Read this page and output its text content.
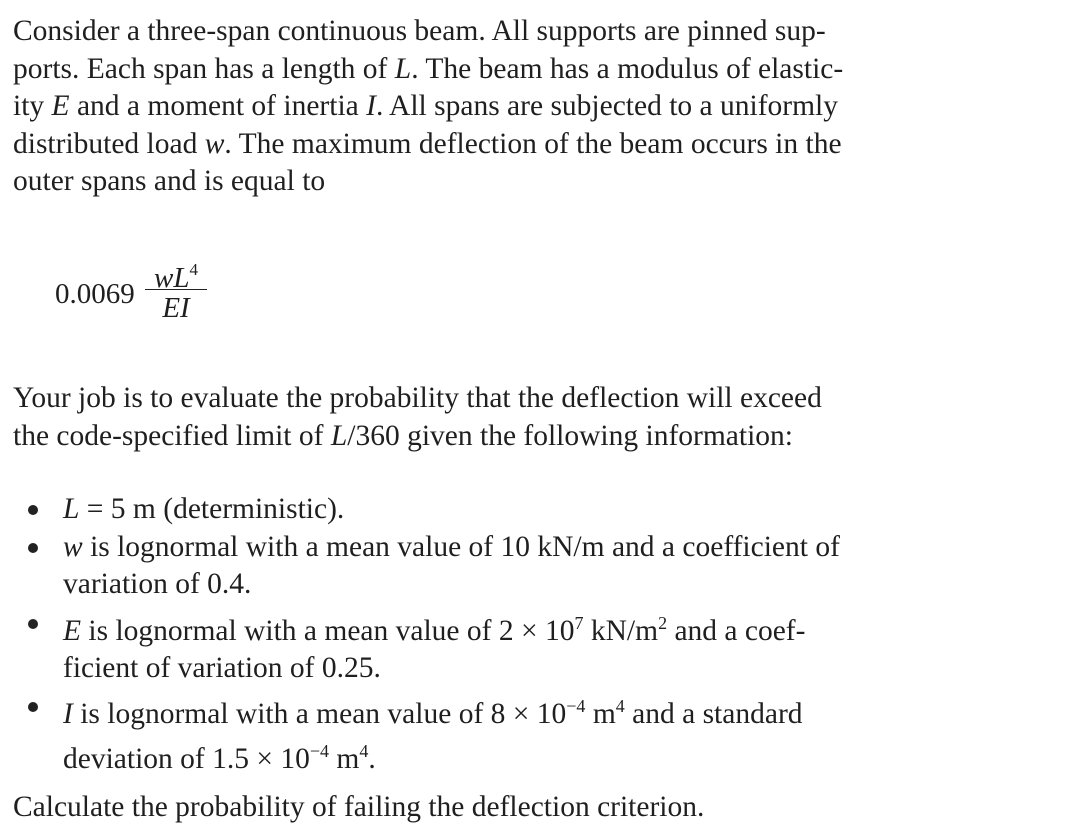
Consider a three-span continuous beam. All supports are pinned sup-
ports. Each span has a length of L. The beam has a modulus of elastic-
ity E and a moment of inertia I. All spans are subjected to a uniformly
distributed load w. The maximum deflection of the beam occurs in the
outer spans and is equal to

0.0069 $wL^4$
EI

Your job is to evaluate the probability that the deflection will exceed
the code-specified limit of L/360 given the following information:

L = 5 m (deterministic).
w is lognormal with a mean value of 10 kN/m and a coefficient of
variation of 0.4.
E is lognormal with a mean value of $2 \times 10^7$ $kN/m^2$ and a coef-
ficient of variation of 0.25.
I is lognormal with a mean value of $8 \times 10^{-4}$ $m^4$ and a standard
deviation of $1.5 \times 10^{-4}$ $m^4$.

Calculate the probability of failing the deflection criterion.
